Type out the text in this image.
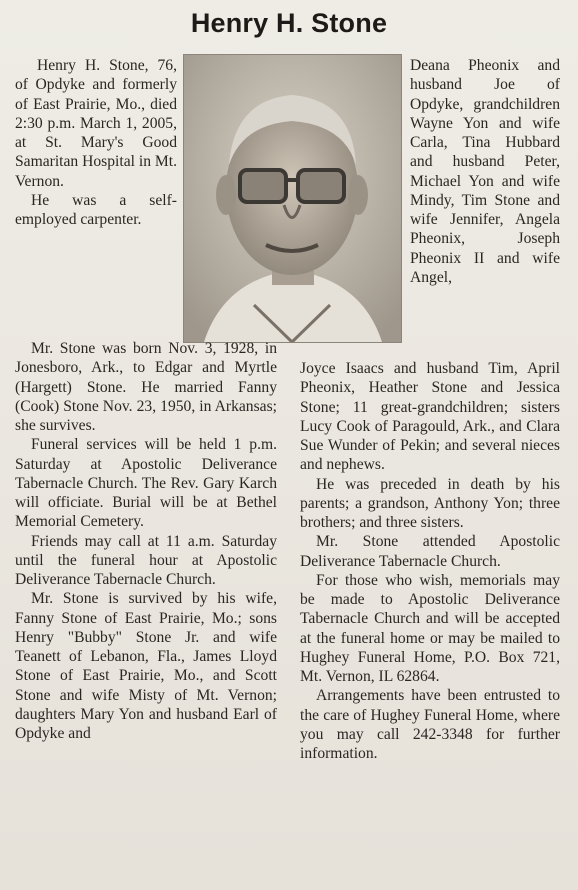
Henry H. Stone

Henry H. Stone, 76, of Opdyke and formerly of East Prairie, Mo., died 2:30 p.m. March 1, 2005, at St. Mary's Good Samaritan Hospital in Mt. Vernon.

He was a self-employed carpenter.

Deana Pheonix and husband Joe of Opdyke, grandchildren Wayne Yon and wife Carla, Tina Hubbard and husband Peter, Michael Yon and wife Mindy, Tim Stone and wife Jennifer, Angela Pheonix, Joseph Pheonix II and wife Angel,

Mr. Stone was born Nov. 3, 1928, in Jonesboro, Ark., to Edgar and Myrtle (Hargett) Stone. He married Fanny (Cook) Stone Nov. 23, 1950, in Arkansas; she survives.

Funeral services will be held 1 p.m. Saturday at Apostolic Deliverance Tabernacle Church. The Rev. Gary Karch will officiate. Burial will be at Bethel Memorial Cemetery.

Friends may call at 11 a.m. Saturday until the funeral hour at Apostolic Deliverance Tabernacle Church.

Mr. Stone is survived by his wife, Fanny Stone of East Prairie, Mo.; sons Henry "Bubby" Stone Jr. and wife Teanett of Lebanon, Fla., James Lloyd Stone of East Prairie, Mo., and Scott Stone and wife Misty of Mt. Vernon; daughters Mary Yon and husband Earl of Opdyke and

Joyce Isaacs and husband Tim, April Pheonix, Heather Stone and Jessica Stone; 11 great-grandchildren; sisters Lucy Cook of Paragould, Ark., and Clara Sue Wunder of Pekin; and several nieces and nephews.

He was preceded in death by his parents; a grandson, Anthony Yon; three brothers; and three sisters.

Mr. Stone attended Apostolic Deliverance Tabernacle Church.

For those who wish, memorials may be made to Apostolic Deliverance Tabernacle Church and will be accepted at the funeral home or may be mailed to Hughey Funeral Home, P.O. Box 721, Mt. Vernon, IL 62864.

Arrangements have been entrusted to the care of Hughey Funeral Home, where you may call 242-3348 for further information.
